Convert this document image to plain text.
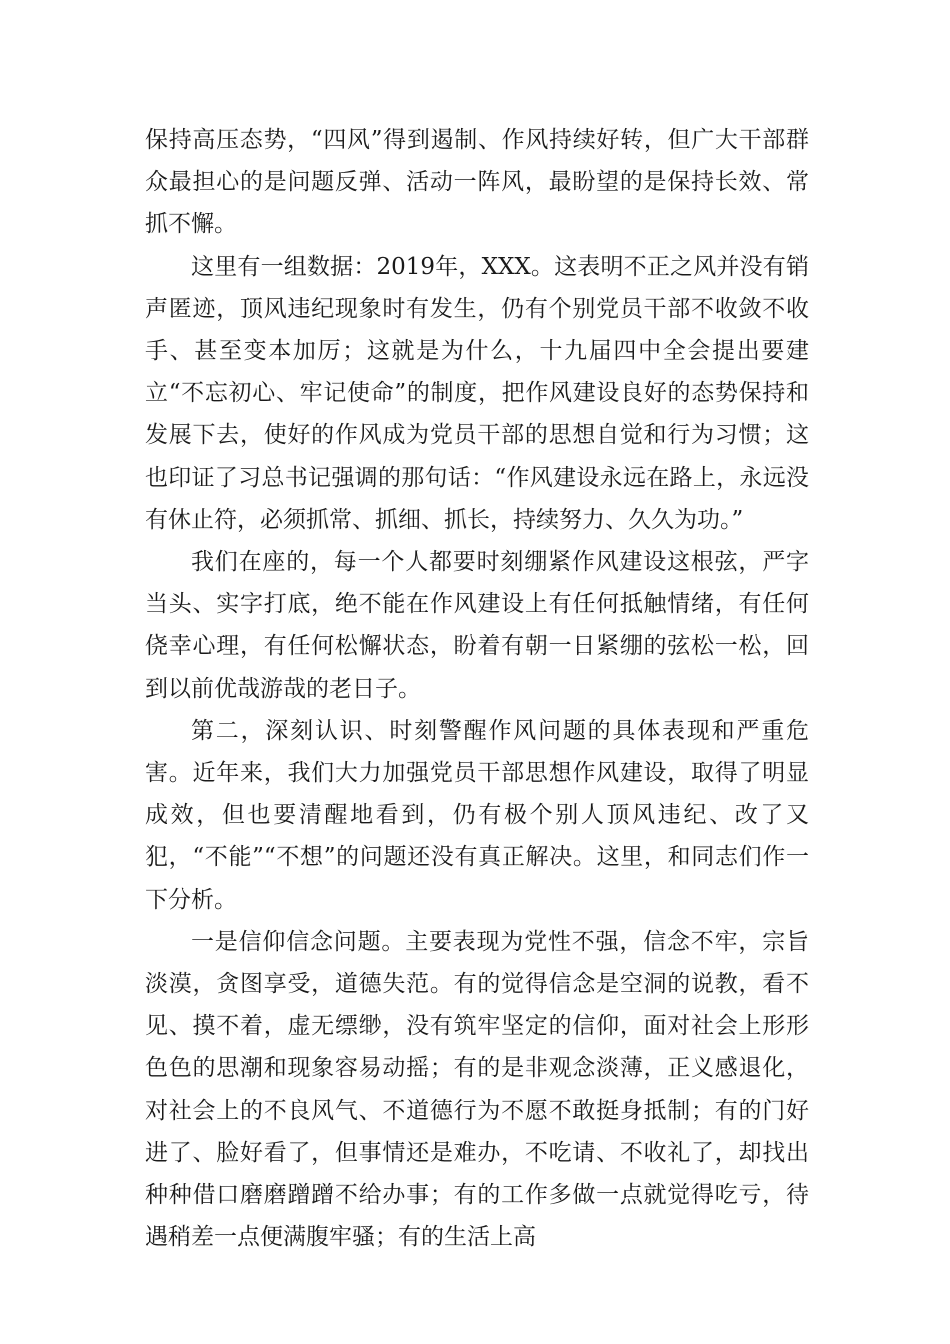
保持高压态势，“四风”得到遏制、作风持续好转，但广大干部群众最担心的是问题反弹、活动一阵风，最盼望的是保持长效、常抓不懈。

这里有一组数据：2019年，XXX。这表明不正之风并没有销声匿迹，顶风违纪现象时有发生，仍有个别党员干部不收敛不收手、甚至变本加厉；这就是为什么，十九届四中全会提出要建立“不忘初心、牢记使命”的制度，把作风建设良好的态势保持和发展下去，使好的作风成为党员干部的思想自觉和行为习惯；这也印证了习总书记强调的那句话：“作风建设永远在路上，永远没有休止符，必须抓常、抓细、抓长，持续努力、久久为功。”

我们在座的，每一个人都要时刻绷紧作风建设这根弦，严字当头、实字打底，绝不能在作风建设上有任何抵触情绪，有任何侥幸心理，有任何松懈状态，盼着有朝一日紧绷的弦松一松，回到以前优哉游哉的老日子。

第二，深刻认识、时刻警醒作风问题的具体表现和严重危害。近年来，我们大力加强党员干部思想作风建设，取得了明显成效，但也要清醒地看到，仍有极个别人顶风违纪、改了又犯，“不能”“不想”的问题还没有真正解决。这里，和同志们作一下分析。

一是信仰信念问题。主要表现为党性不强，信念不牢，宗旨淡漠，贪图享受，道德失范。有的觉得信念是空洞的说教，看不见、摸不着，虚无缥缈，没有筑牢坚定的信仰，面对社会上形形色色的思潮和现象容易动摇；有的是非观念淡薄，正义感退化，对社会上的不良风气、不道德行为不愿不敢挺身抵制；有的门好进了、脸好看了，但事情还是难办，不吃请、不收礼了，却找出种种借口磨磨蹭蹭不给办事；有的工作多做一点就觉得吃亏，待遇稍差一点便满腹牢骚；有的生活上高
